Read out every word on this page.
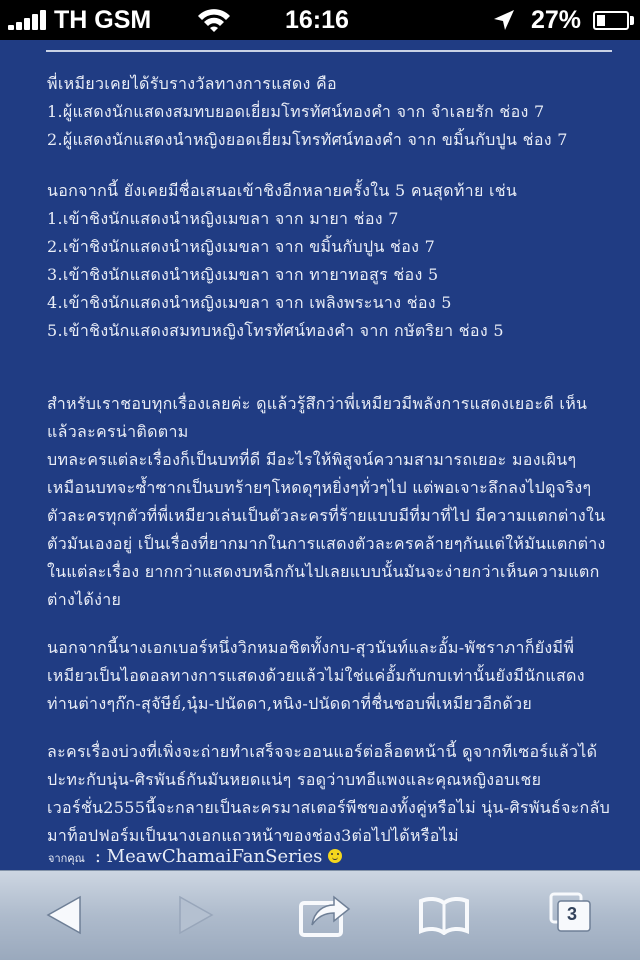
TH GSM	16:16	27%

พี่เหมียวเคยได้รับรางวัลทางการแสดง คือ

1.ผู้แสดงนักแสดงสมทบยอดเยี่ยมโทรทัศน์ทองคำ จาก จำเลยรัก ช่อง 7

2.ผู้แสดงนักแสดงนำหญิงยอดเยี่ยมโทรทัศน์ทองคำ จาก ขมิ้นกับปูน ช่อง 7

นอกจากนี้ ยังเคยมีชื่อเสนอเข้าชิงอีกหลายครั้งใน 5 คนสุดท้าย เช่น

1.เข้าชิงนักแสดงนำหญิงเมขลา จาก มายา ช่อง 7

2.เข้าชิงนักแสดงนำหญิงเมขลา จาก ขมิ้นกับปูน ช่อง 7

3.เข้าชิงนักแสดงนำหญิงเมขลา จาก ทายาทอสูร ช่อง 5

4.เข้าชิงนักแสดงนำหญิงเมขลา จาก เพลิงพระนาง ช่อง 5

5.เข้าชิงนักแสดงสมทบหญิงโทรทัศน์ทองคำ จาก กษัตริยา ช่อง 5

สำหรับเราชอบทุกเรื่องเลยค่ะ ดูแล้วรู้สึกว่าพี่เหมียวมีพลังการแสดงเยอะดี เห็น

แล้วละครน่าติดตาม

บทละครแต่ละเรื่องก็เป็นบทที่ดี มีอะไรให้พิสูจน์ความสามารถเยอะ มองเผินๆ

เหมือนบทจะซ้ำซากเป็นบทร้ายๆโหดดุๆหยิ่งๆทั่วๆไป แต่พอเจาะลึกลงไปดูจริงๆ

ตัวละครทุกตัวที่พี่เหมียวเล่นเป็นตัวละครที่ร้ายแบบมีที่มาที่ไป มีความแตกต่างใน

ตัวมันเองอยู่ เป็นเรื่องที่ยากมากในการแสดงตัวละครคล้ายๆกันแต่ให้มันแตกต่าง

ในแต่ละเรื่อง ยากกว่าแสดงบทฉีกกันไปเลยแบบนั้นมันจะง่ายกว่าเห็นความแตก

ต่างได้ง่าย

นอกจากนี้นางเอกเบอร์หนึ่งวิกหมอชิตทั้งกบ-สุวนันท์และอั้ม-พัชราภาก็ยังมีพี่

เหมียวเป็นไอดอลทางการแสดงด้วยแล้วไม่ใช่แค่อั้มกับกบเท่านั้นยังมีนักแสดง

ท่านต่างๆก๊ก-สุจัษีย์,นุ๋ม-ปนัดดา,หนิง-ปนัดดาที่ชื่นชอบพี่เหมียวอีกด้วย

ละครเรื่องบ่วงที่เพิ่งจะถ่ายทำเสร็จจะออนแอร์ต่อล็อตหน้านี้ ดูจากทีเซอร์แล้วได้

ปะทะกับนุ่น-ศิรพันธ์กันมันหยดแน่ๆ รอดูว่าบทอีแพงและคุณหญิงอบเชย

เวอร์ชั่น2555นี้จะกลายเป็นละครมาสเตอร์พีชของทั้งคู่หรือไม่ นุ่น-ศิรพันธ์จะกลับ

มาท็อปฟอร์มเป็นนางเอกแถวหน้าของช่อง3ต่อไปได้หรือไม่

จากคุณ : MeawChamaiFanSeries
3
